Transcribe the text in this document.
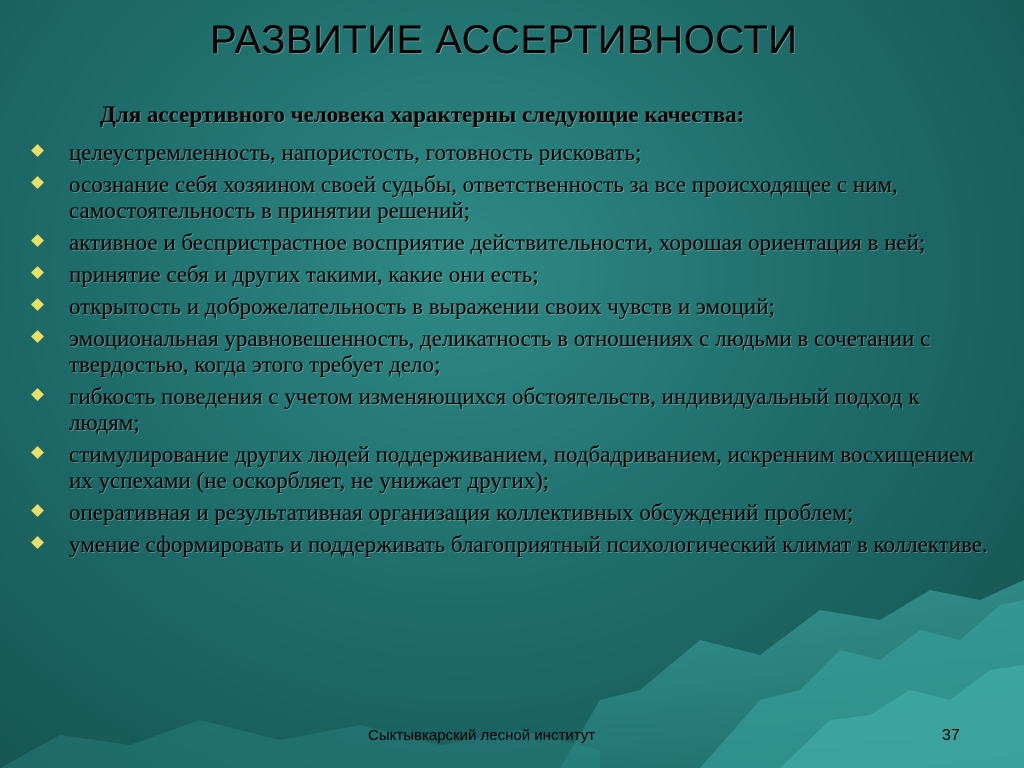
РАЗВИТИЕ АССЕРТИВНОСТИ
Для ассертивного человека характерны следующие качества:
целеустремленность, напористость, готовность рисковать;
осознание себя хозяином своей судьбы, ответственность за все происходящее с ним, самостоятельность в принятии решений;
активное и беспристрастное восприятие действительности, хорошая ориентация в ней;
принятие себя и других такими, какие они есть;
открытость и доброжелательность в выражении своих чувств и эмоций;
эмоциональная уравновешенность, деликатность в отношениях с людьми в сочетании с твердостью, когда этого требует дело;
гибкость поведения с учетом изменяющихся обстоятельств, индивидуальный подход к людям;
стимулирование других людей поддерживанием, подбадриванием, искренним восхищением их успехами (не оскорбляет, не унижает других);
оперативная и результативная организация коллективных обсуждений проблем;
умение сформировать и поддерживать благоприятный психологический климат в коллективе.
Сыктывкарский лесной институт	37
